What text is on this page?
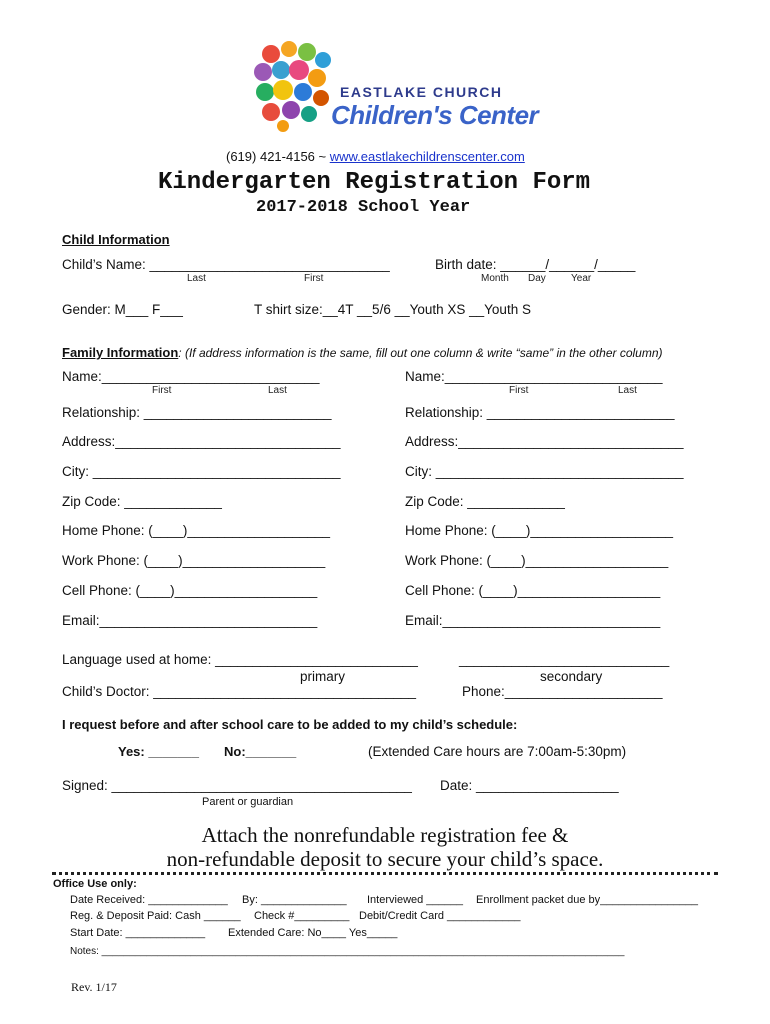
EASTLAKE CHURCH
Children's Center
(619) 421-4156 ~ www.eastlakechildrenscenter.com
Kindergarten Registration Form
2017-2018 School Year
Child Information
Child’s Name: ________________________________
Last	First
Birth date: ______/______/_____
Month Day	Year
Gender: M___ F___	T shirt size:__4T __5/6 __Youth XS __Youth S
Family Information: (If address information is the same, fill out one column & write “same” in the other column)
Name:_____________________________
First	Last
Relationship: _________________________
Address:______________________________
City: _________________________________
Zip Code: _____________
Home Phone: (____)___________________
Work Phone: (____)___________________
Cell Phone: (____)___________________
Email:_____________________________
Name:_____________________________
First	Last
Relationship: _________________________
Address:______________________________
City: _________________________________
Zip Code: _____________
Home Phone: (____)___________________
Work Phone: (____)___________________
Cell Phone: (____)___________________
Email:_____________________________
Language used at home: ___________________________	____________________________
primary	secondary
Child’s Doctor: ___________________________________	Phone:_____________________
I request before and after school care to be added to my child’s schedule:
Yes: _______ No:_______	(Extended Care hours are 7:00am-5:30pm)
Signed: ________________________________________
Parent or guardian
Date: ___________________
Attach the nonrefundable registration fee &
non-refundable deposit to secure your child’s space.
Office Use only:
Date Received: _____________ By: ______________ Interviewed ______ Enrollment packet due by________________
Reg. & Deposit Paid: Cash ______ Check #_________ Debit/Credit Card ____________
Start Date: _____________ Extended Care: No____ Yes_____
Notes: ______________________________________________________________________________________________
Rev. 1/17
